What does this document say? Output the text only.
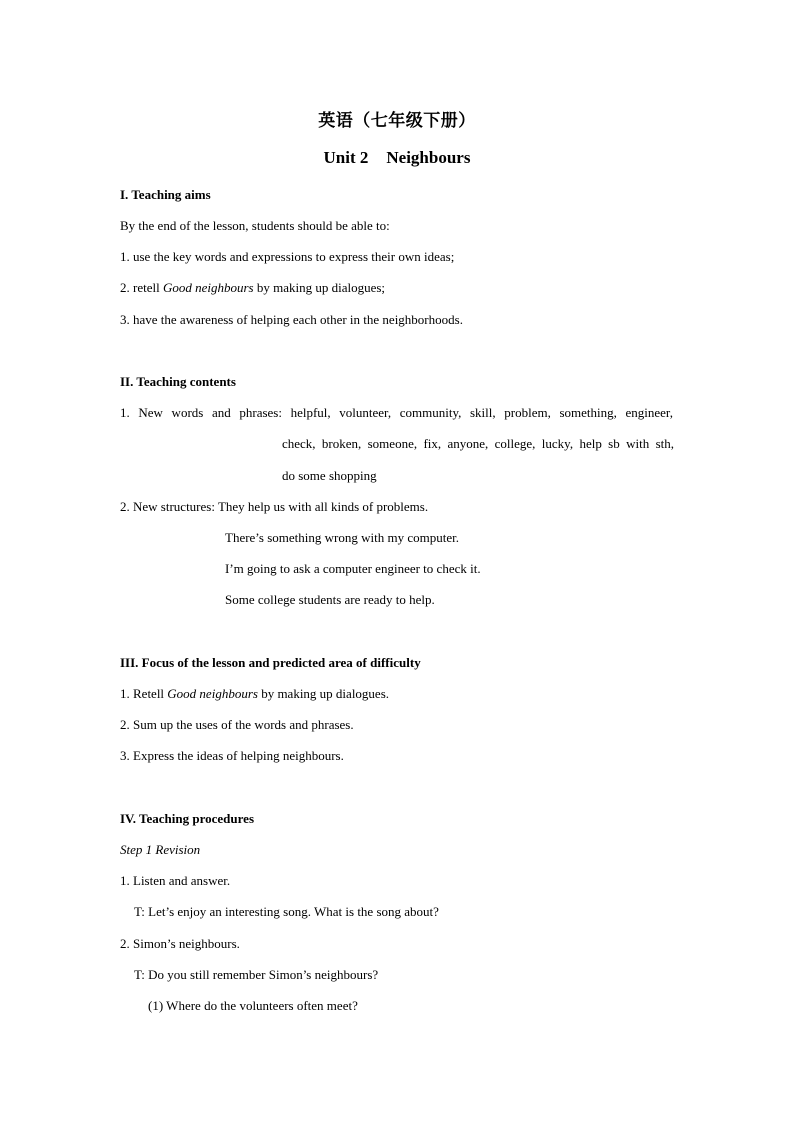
英语（七年级下册）
Unit 2 Neighbours
I. Teaching aims
By the end of the lesson, students should be able to:
1. use the key words and expressions to express their own ideas;
2. retell Good neighbours by making up dialogues;
3. have the awareness of helping each other in the neighborhoods.
II. Teaching contents
1. New words and phrases: helpful, volunteer, community, skill, problem, something, engineer,
check, broken, someone, fix, anyone, college, lucky, help sb with sth,
do some shopping
2. New structures: They help us with all kinds of problems.
There’s something wrong with my computer.
I’m going to ask a computer engineer to check it.
Some college students are ready to help.
III. Focus of the lesson and predicted area of difficulty
1. Retell Good neighbours by making up dialogues.
2. Sum up the uses of the words and phrases.
3. Express the ideas of helping neighbours.
IV. Teaching procedures
Step 1 Revision
1. Listen and answer.
T: Let’s enjoy an interesting song. What is the song about?
2. Simon’s neighbours.
T: Do you still remember Simon’s neighbours?
(1) Where do the volunteers often meet?
